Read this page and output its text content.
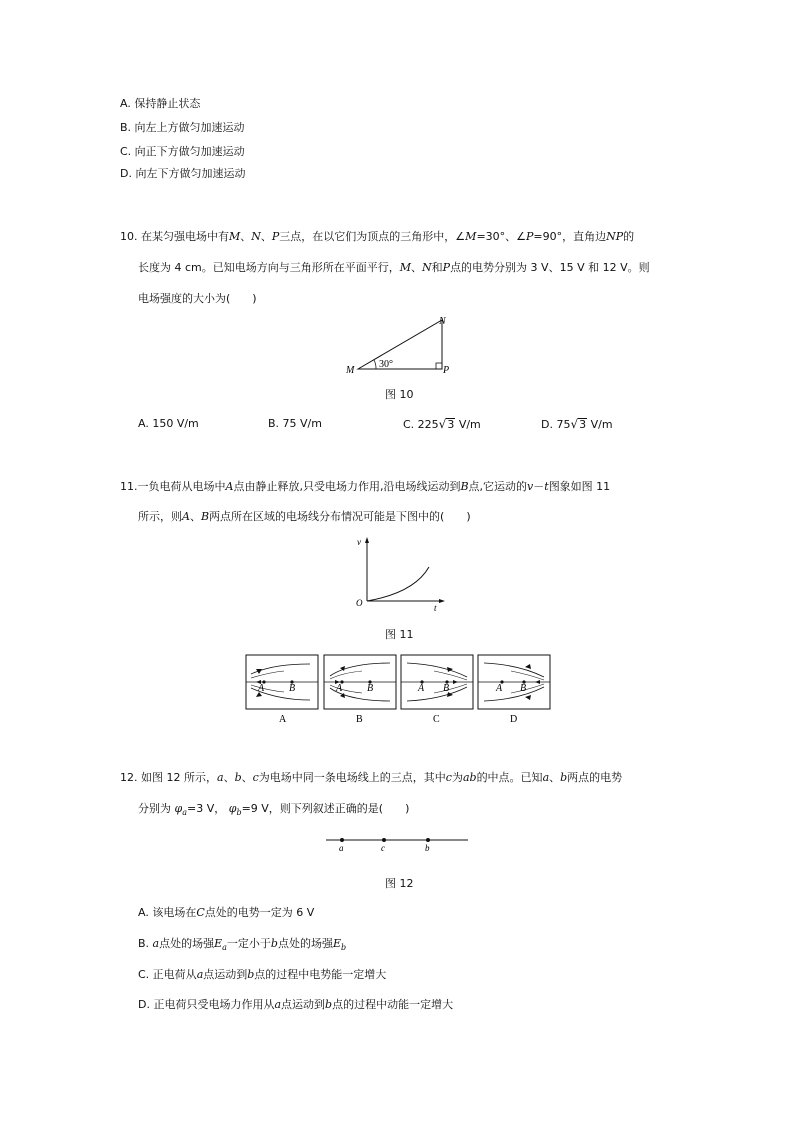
A. 保持静止状态
B. 向左上方做匀加速运动
C. 向正下方做匀加速运动
D. 向左下方做匀加速运动
10. 在某匀强电场中有M、N、P三点，在以它们为顶点的三角形中，∠M=30°、∠P=90°，直角边NP的
长度为 4 cm。已知电场方向与三角形所在平面平行，M、N和P点的电势分别为 3 V、15 V 和 12 V。则
电场强度的大小为(　　)
M
N
P
30°
图 10
A. 150 V/m	B. 75 V/m	C. 225√3 V/m	D. 75√3 V/m
11.一负电荷从电场中A点由静止释放,只受电场力作用,沿电场线运动到B点,它运动的v－t图象如图 11
所示，则A、B两点所在区域的电场线分布情况可能是下图中的(　　)
v
t
O
图 11
A B
A
A B
B
A B
C
A B
D
12. 如图 12 所示，a、b、c为电场中同一条电场线上的三点，其中c为ab的中点。已知a、b两点的电势
分别为 $\varphi_a=3$ V， $\varphi_b=9$ V，则下列叙述正确的是(　　)
a	c	b
图 12
A. 该电场在C点处的电势一定为 6 V
B. a点处的场强$E_a$一定小于b点处的场强$E_b$
C. 正电荷从a点运动到b点的过程中电势能一定增大
D. 正电荷只受电场力作用从a点运动到b点的过程中动能一定增大
